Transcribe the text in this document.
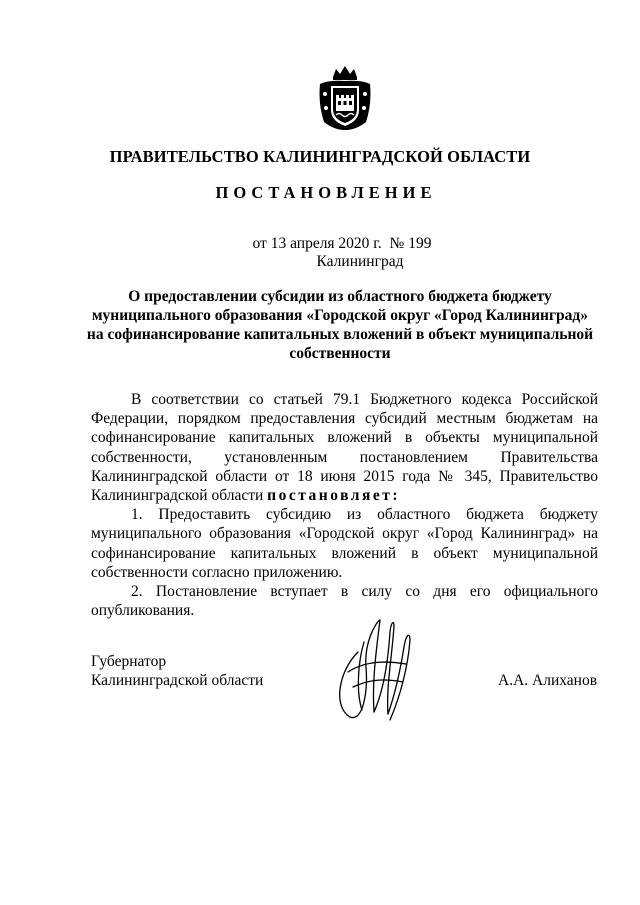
ПРАВИТЕЛЬСТВО КАЛИНИНГРАДСКОЙ ОБЛАСТИ
ПОСТАНОВЛЕНИЕ
от 13 апреля 2020 г. № 199
Калининград
О предоставлении субсидии из областного бюджета бюджету
муниципального образования «Городской округ «Город Калининград»
на софинансирование капитальных вложений в объект муниципальной
собственности

В соответствии со статьей 79.1 Бюджетного кодекса Российской Федерации, порядком предоставления субсидий местным бюджетам на софинансирование капитальных вложений в объекты муниципальной собственности, установленным постановлением Правительства Калининградской области от 18 июня 2015 года № 345, Правительство Калининградской области постановляет:

1. Предоставить субсидию из областного бюджета бюджету муниципального образования «Городской округ «Город Калининград» на софинансирование капитальных вложений в объект муниципальной собственности согласно приложению.

2. Постановление вступает в силу со дня его официального опубликования.

Губернатор
Калининградской области	А.А. Алиханов
